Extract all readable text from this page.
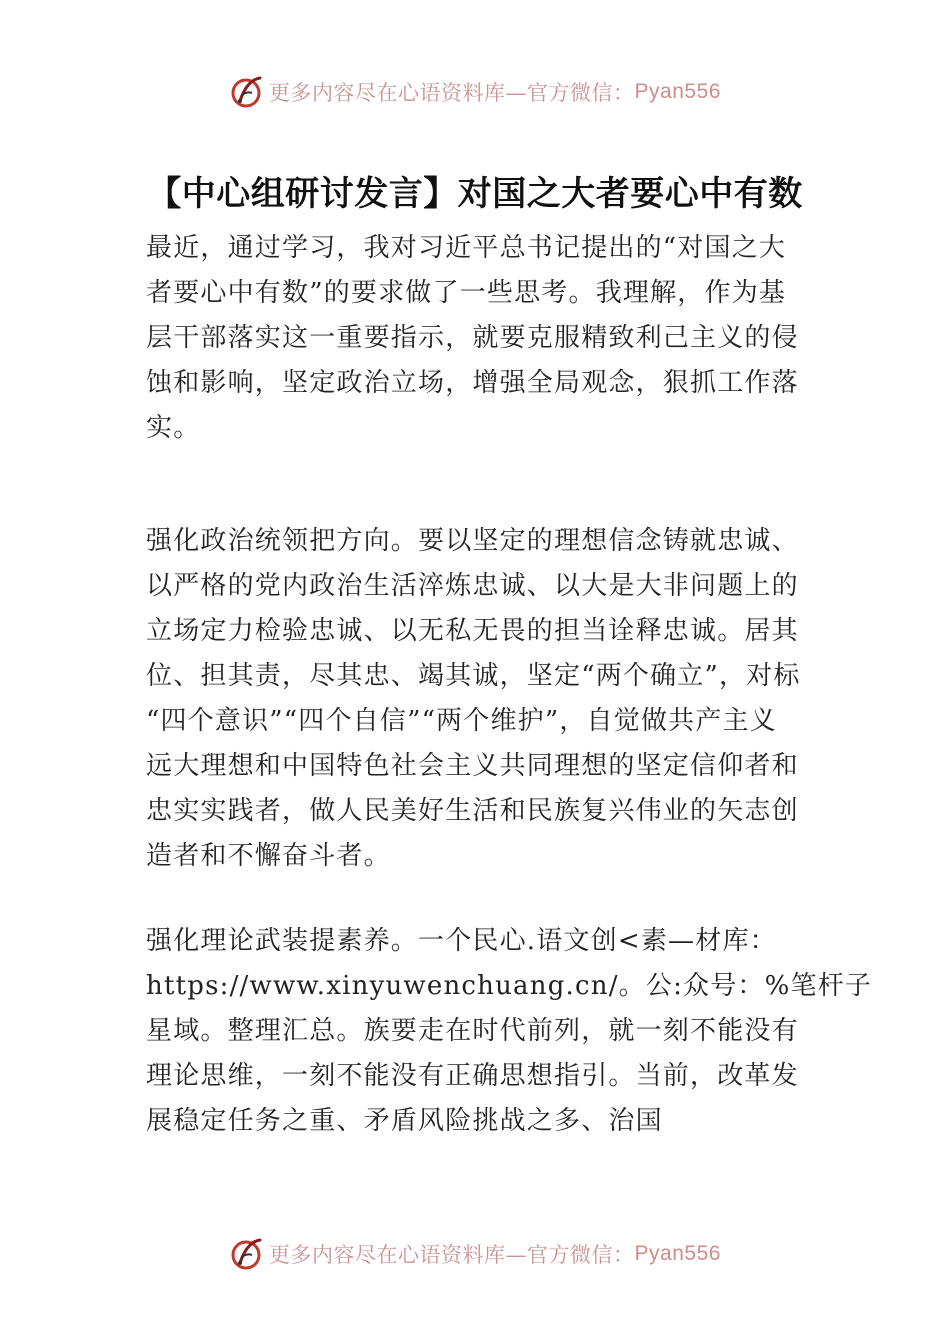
更多内容尽在心语资料库—官方微信： Pyan556
【中心组研讨发言】对国之大者要心中有数
最近，通过学习，我对习近平总书记提出的“对国之大
者要心中有数”的要求做了一些思考。我理解，作为基
层干部落实这一重要指示，就要克服精致利己主义的侵
蚀和影响，坚定政治立场，增强全局观念，狠抓工作落
实。
强化政治统领把方向。要以坚定的理想信念铸就忠诚、
以严格的党内政治生活淬炼忠诚、以大是大非问题上的
立场定力检验忠诚、以无私无畏的担当诠释忠诚。居其
位、担其责，尽其忠、竭其诚，坚定“两个确立”，对标
“四个意识”“四个自信”“两个维护”，自觉做共产主义
远大理想和中国特色社会主义共同理想的坚定信仰者和
忠实实践者，做人民美好生活和民族复兴伟业的矢志创
造者和不懈奋斗者。
强化理论武装提素养。一个民心.语文创<素—材库：
https://www.xinyuwenchuang.cn/。公:众号：%笔杆子
星域。整理汇总。族要走在时代前列，就一刻不能没有
理论思维，一刻不能没有正确思想指引。当前，改革发
展稳定任务之重、矛盾风险挑战之多、治国
更多内容尽在心语资料库—官方微信： Pyan556
